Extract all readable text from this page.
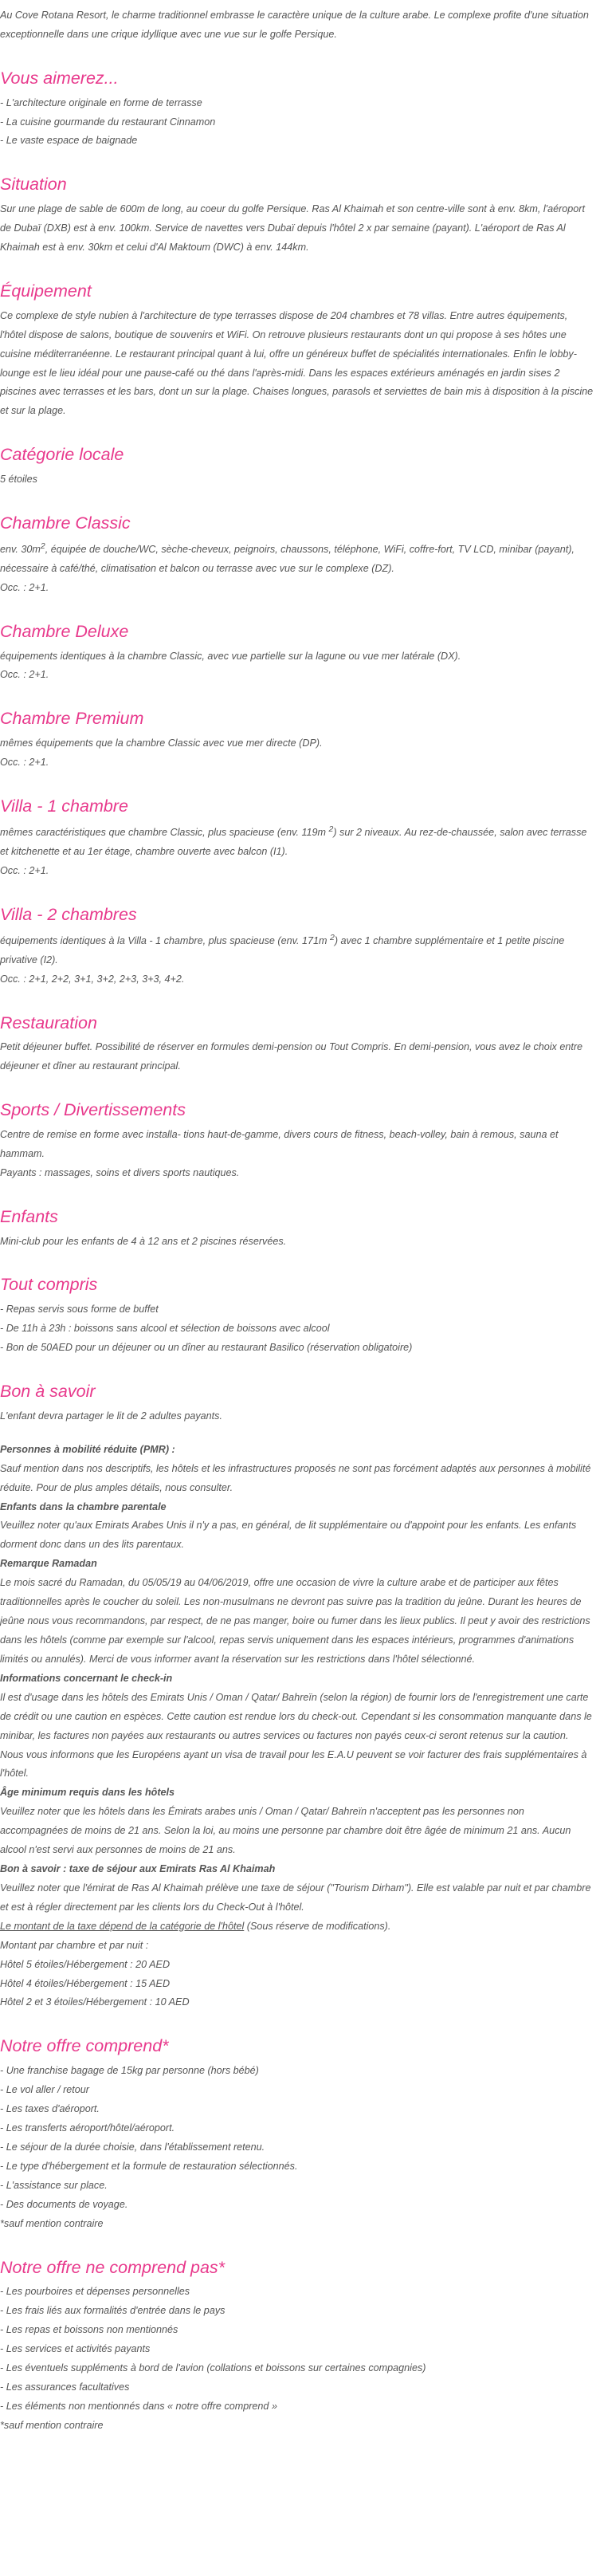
Au Cove Rotana Resort, le charme traditionnel embrasse le caractère unique de la culture arabe. Le complexe profite d'une situation exceptionnelle dans une crique idyllique avec une vue sur le golfe Persique.

Vous aimerez...
- L'architecture originale en forme de terrasse
- La cuisine gourmande du restaurant Cinnamon
- Le vaste espace de baignade
Situation

Sur une plage de sable de 600m de long, au coeur du golfe Persique. Ras Al Khaimah et son centre-ville sont à env. 8km, l'aéroport de Dubaï (DXB) est à env. 100km. Service de navettes vers Dubaï depuis l'hôtel 2 x par semaine (payant). L'aéroport de Ras Al Khaimah est à env. 30km et celui d'Al Maktoum (DWC) à env. 144km.

Équipement

Ce complexe de style nubien à l'architecture de type terrasses dispose de 204 chambres et 78 villas. Entre autres équipements, l'hôtel dispose de salons, boutique de souvenirs et WiFi. On retrouve plusieurs restaurants dont un qui propose à ses hôtes une cuisine méditerranéenne. Le restaurant principal quant à lui, offre un généreux buffet de spécialités internationales. Enfin le lobby-lounge est le lieu idéal pour une pause-café ou thé dans l'après-midi. Dans les espaces extérieurs aménagés en jardin sises 2 piscines avec terrasses et les bars, dont un sur la plage. Chaises longues, parasols et serviettes de bain mis à disposition à la piscine et sur la plage.

Catégorie locale

5 étoiles

Chambre Classic

env. $30m^2$, équipée de douche/WC, sèche-cheveux, peignoirs, chaussons, téléphone, WiFi, coffre-fort, TV LCD, minibar (payant), nécessaire à café/thé, climatisation et balcon ou terrasse avec vue sur le complexe (DZ).

Occ. : 2+1.

Chambre Deluxe

équipements identiques à la chambre Classic, avec vue partielle sur la lagune ou vue mer latérale (DX).

Occ. : 2+1.

Chambre Premium

mêmes équipements que la chambre Classic avec vue mer directe (DP).

Occ. : 2+1.

Villa - 1 chambre

mêmes caractéristiques que chambre Classic, plus spacieuse (env. 119m $^2$) sur 2 niveaux. Au rez-de-chaussée, salon avec terrasse et kitchenette et au 1er étage, chambre ouverte avec balcon (I1).

Occ. : 2+1.

Villa - 2 chambres

équipements identiques à la Villa - 1 chambre, plus spacieuse (env. 171m $^2$) avec 1 chambre supplémentaire et 1 petite piscine privative (I2).

Occ. : 2+1, 2+2, 3+1, 3+2, 2+3, 3+3, 4+2.

Restauration

Petit déjeuner buffet. Possibilité de réserver en formules demi-pension ou Tout Compris. En demi-pension, vous avez le choix entre déjeuner et dîner au restaurant principal.

Sports / Divertissements

Centre de remise en forme avec installa- tions haut-de-gamme, divers cours de fitness, beach-volley, bain à remous, sauna et hammam.

Payants : massages, soins et divers sports nautiques.

Enfants

Mini-club pour les enfants de 4 à 12 ans et 2 piscines réservées.

Tout compris
- Repas servis sous forme de buffet
- De 11h à 23h : boissons sans alcool et sélection de boissons avec alcool
- Bon de 50AED pour un déjeuner ou un dîner au restaurant Basilico (réservation obligatoire)
Bon à savoir

L'enfant devra partager le lit de 2 adultes payants.

Personnes à mobilité réduite (PMR) :

Sauf mention dans nos descriptifs, les hôtels et les infrastructures proposés ne sont pas forcément adaptés aux personnes à mobilité réduite. Pour de plus amples détails, nous consulter.

Enfants dans la chambre parentale

Veuillez noter qu'aux Emirats Arabes Unis il n'y a pas, en général, de lit supplémentaire ou d'appoint pour les enfants. Les enfants dorment donc dans un des lits parentaux.

Remarque Ramadan

Le mois sacré du Ramadan, du 05/05/19 au 04/06/2019, offre une occasion de vivre la culture arabe et de participer aux fêtes traditionnelles après le coucher du soleil. Les non-musulmans ne devront pas suivre pas la tradition du jeûne. Durant les heures de jeûne nous vous recommandons, par respect, de ne pas manger, boire ou fumer dans les lieux publics. Il peut y avoir des restrictions dans les hôtels (comme par exemple sur l'alcool, repas servis uniquement dans les espaces intérieurs, programmes d'animations limités ou annulés). Merci de vous informer avant la réservation sur les restrictions dans l'hôtel sélectionné.

Informations concernant le check-in

Il est d'usage dans les hôtels des Emirats Unis / Oman / Qatar/ Bahreïn (selon la région) de fournir lors de l'enregistrement une carte de crédit ou une caution en espèces. Cette caution est rendue lors du check-out. Cependant si les consommation manquante dans le minibar, les factures non payées aux restaurants ou autres services ou factures non payés ceux-ci seront retenus sur la caution. Nous vous informons que les Européens ayant un visa de travail pour les E.A.U peuvent se voir facturer des frais supplémentaires à l'hôtel.

Âge minimum requis dans les hôtels

Veuillez noter que les hôtels dans les Émirats arabes unis / Oman / Qatar/ Bahreïn n'acceptent pas les personnes non accompagnées de moins de 21 ans. Selon la loi, au moins une personne par chambre doit être âgée de minimum 21 ans. Aucun alcool n'est servi aux personnes de moins de 21 ans.

Bon à savoir : taxe de séjour aux Emirats Ras Al Khaimah

Veuillez noter que l'émirat de Ras Al Khaimah prélève une taxe de séjour ("Tourism Dirham"). Elle est valable par nuit et par chambre et est à régler directement par les clients lors du Check-Out à l'hôtel.

Le montant de la taxe dépend de la catégorie de l'hôtel (Sous réserve de modifications).

Montant par chambre et par nuit :

Hôtel 5 étoiles/Hébergement : 20 AED

Hôtel 4 étoiles/Hébergement : 15 AED

Hôtel 2 et 3 étoiles/Hébergement : 10 AED

Notre offre comprend*
- Une franchise bagage de 15kg par personne (hors bébé)
- Le vol aller / retour
- Les taxes d'aéroport.
- Les transferts aéroport/hôtel/aéroport.
- Le séjour de la durée choisie, dans l'établissement retenu.
- Le type d'hébergement et la formule de restauration sélectionnés.
- L'assistance sur place.
- Des documents de voyage.

*sauf mention contraire

Notre offre ne comprend pas*
- Les pourboires et dépenses personnelles
- Les frais liés aux formalités d'entrée dans le pays
- Les repas et boissons non mentionnés
- Les services et activités payants
- Les éventuels suppléments à bord de l'avion (collations et boissons sur certaines compagnies)
- Les assurances facultatives
- Les éléments non mentionnés dans « notre offre comprend »

*sauf mention contraire
